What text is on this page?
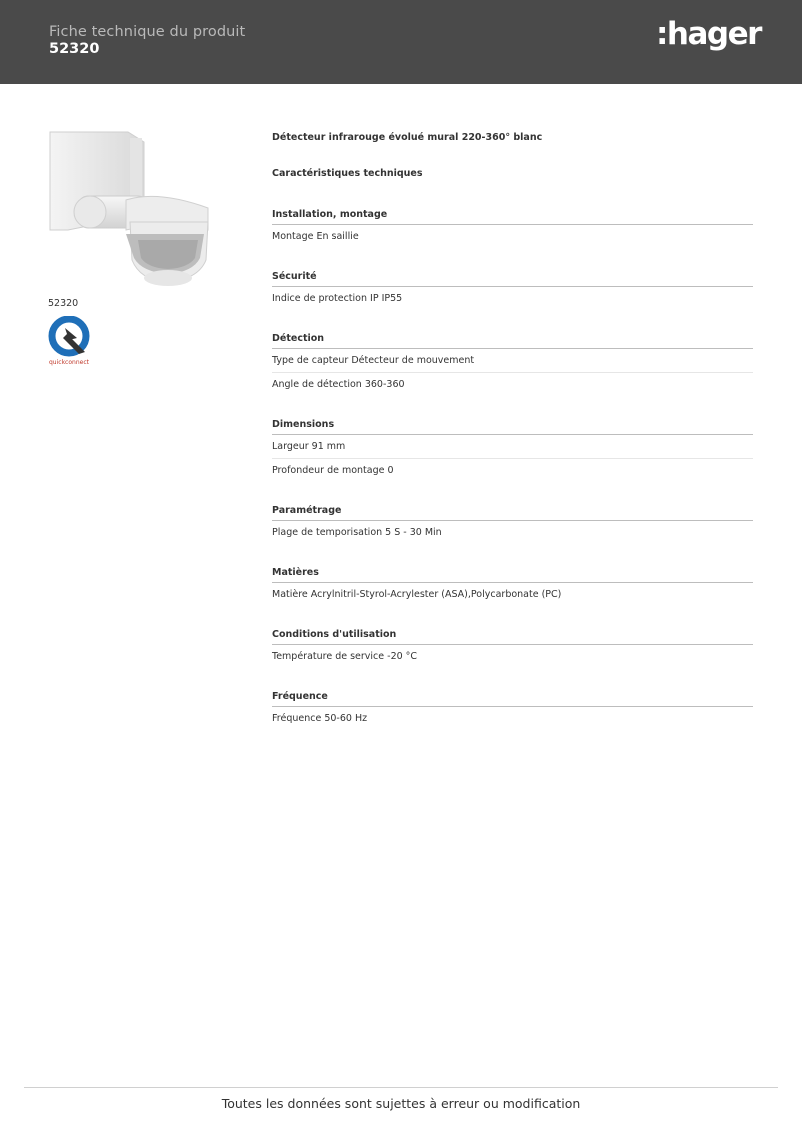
Fiche technique du produit
52320	:hager
52320
quickconnect
Détecteur infrarouge évolué mural 220-360° blanc
Caractéristiques techniques
Installation, montage
Montage En saillie
Sécurité
Indice de protection IP IP55
Détection
Type de capteur Détecteur de mouvement
Angle de détection 360-360
Dimensions
Largeur 91 mm
Profondeur de montage 0
Paramétrage
Plage de temporisation 5 S - 30 Min
Matières
Matière Acrylnitril-Styrol-Acrylester (ASA),Polycarbonate (PC)
Conditions d'utilisation
Température de service -20 °C
Fréquence
Fréquence 50-60 Hz
Toutes les données sont sujettes à erreur ou modification
